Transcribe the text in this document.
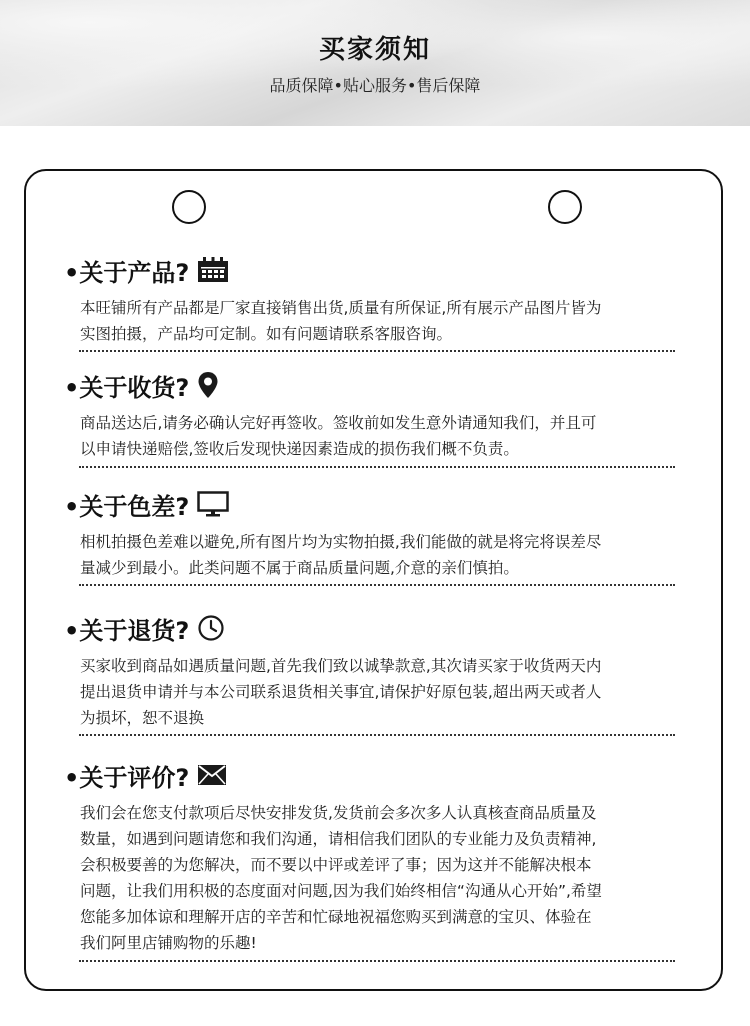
买家须知
品质保障•贴心服务•售后保障
•关于产品?
本旺铺所有产品都是厂家直接销售出货,质量有所保证,所有展示产品图片皆为
实图拍摄，产品均可定制。如有问题请联系客服咨询。
•关于收货?
商品送达后,请务必确认完好再签收。签收前如发生意外请通知我们，并且可
以申请快递赔偿,签收后发现快递因素造成的损伤我们概不负责。
•关于色差?
相机拍摄色差难以避免,所有图片均为实物拍摄,我们能做的就是将完将误差尽
量减少到最小。此类问题不属于商品质量问题,介意的亲们慎拍。
•关于退货?
买家收到商品如遇质量问题,首先我们致以诚挚款意,其次请买家于收货两天内
提出退货申请并与本公司联系退货相关事宜,请保护好原包装,超出两天或者人
为损坏，恕不退换
•关于评价?
我们会在您支付款项后尽快安排发货,发货前会多次多人认真核查商品质量及
数量，如遇到问题请您和我们沟通，请相信我们团队的专业能力及负责精神,
会积极要善的为您解决，而不要以中评或差评了事；因为这并不能解决根本
问题，让我们用积极的态度面对问题,因为我们始终相信“沟通从心开始”,希望
您能多加体谅和理解开店的辛苦和忙碌地祝福您购买到满意的宝贝、体验在
我们阿里店铺购物的乐趣!
